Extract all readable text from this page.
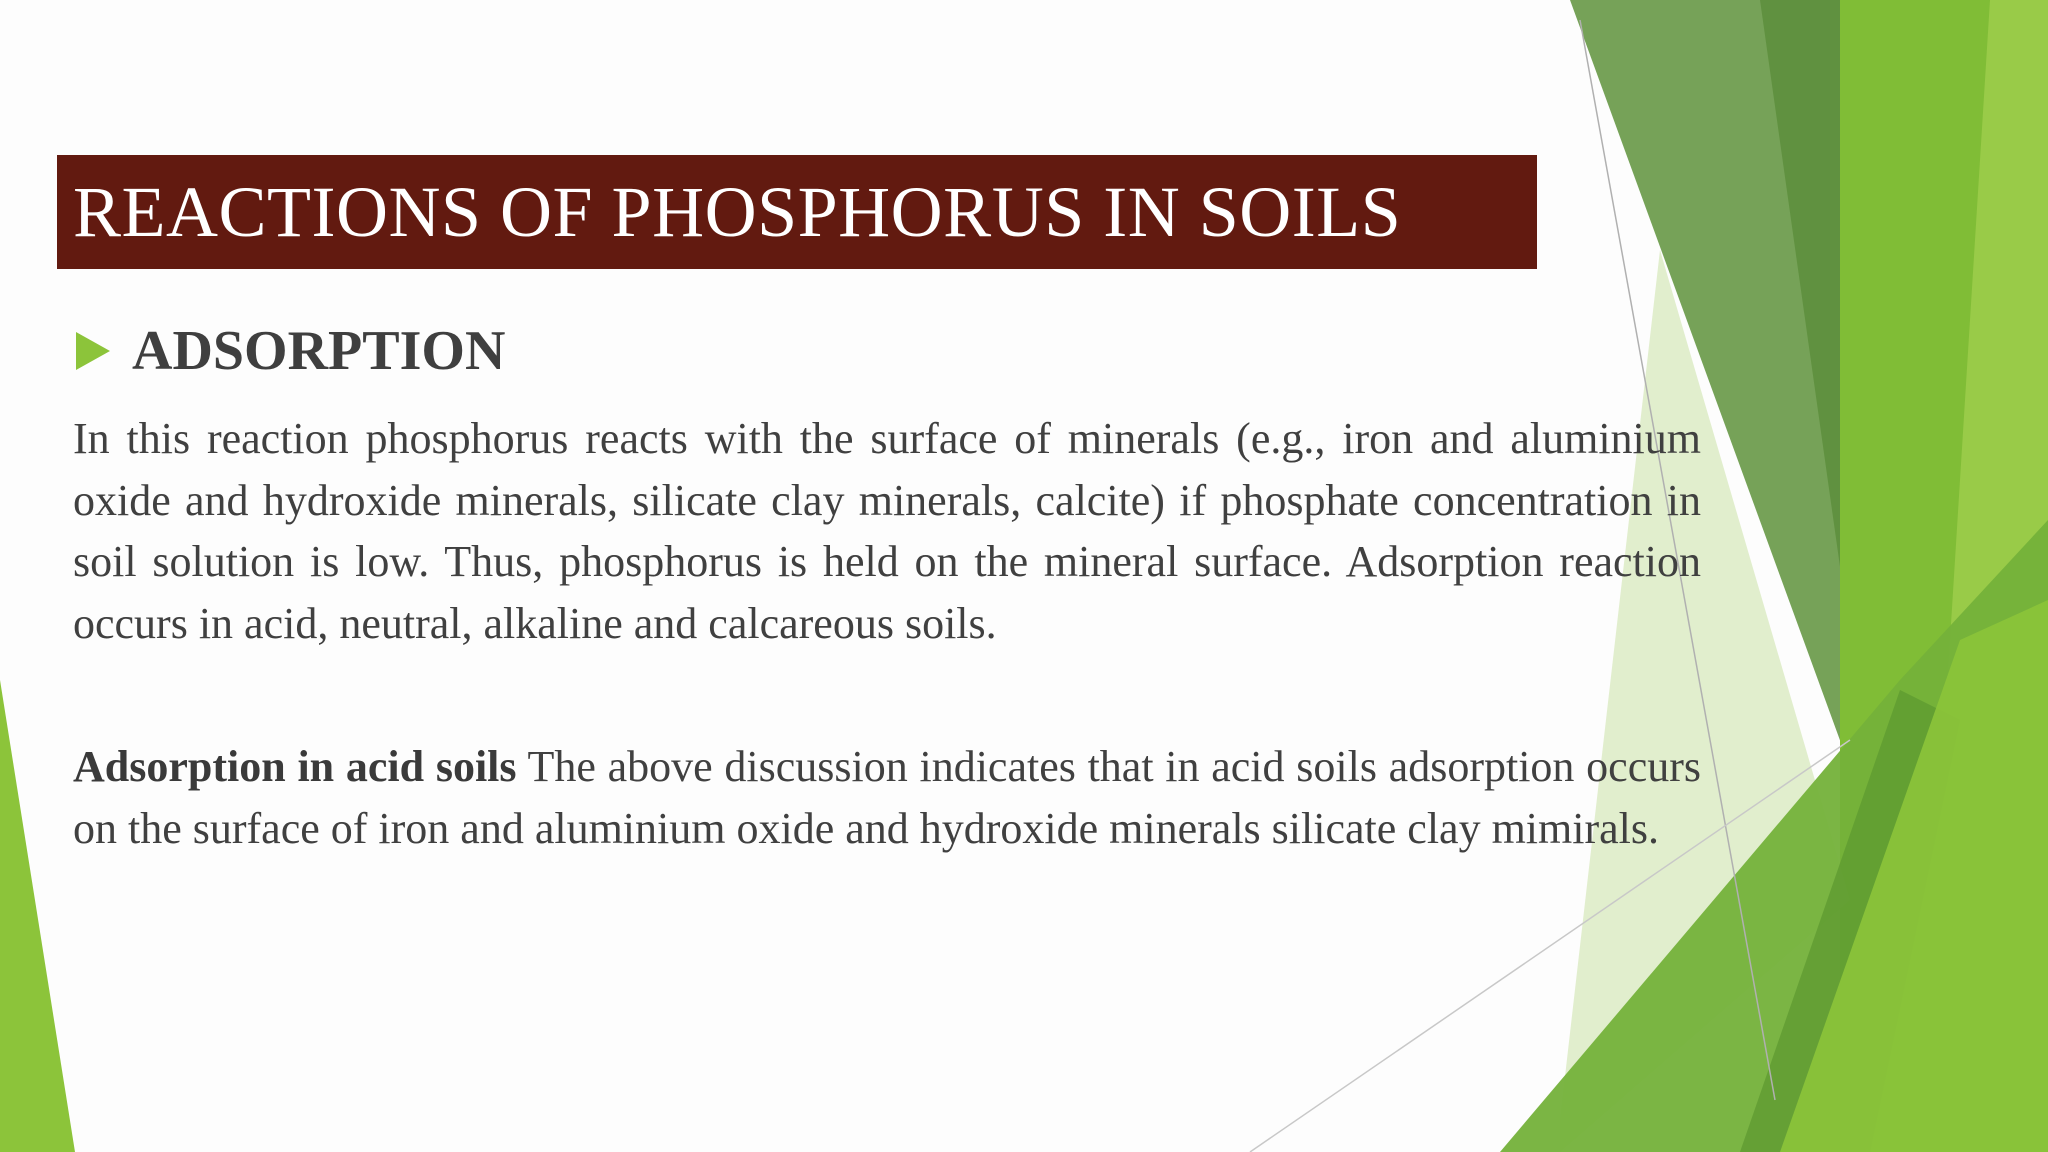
REACTIONS OF PHOSPHORUS IN SOILS
ADSORPTION

In this reaction phosphorus reacts with the surface of minerals (e.g., iron and aluminium oxide and hydroxide minerals, silicate clay minerals, calcite) if phosphate concentration in soil solution is low. Thus, phosphorus is held on the mineral surface. Adsorption reaction occurs in acid, neutral, alkaline and calcareous soils.

Adsorption in acid soils The above discussion indicates that in acid soils adsorption occurs on the surface of iron and aluminium oxide and hydroxide minerals silicate clay mimirals.
